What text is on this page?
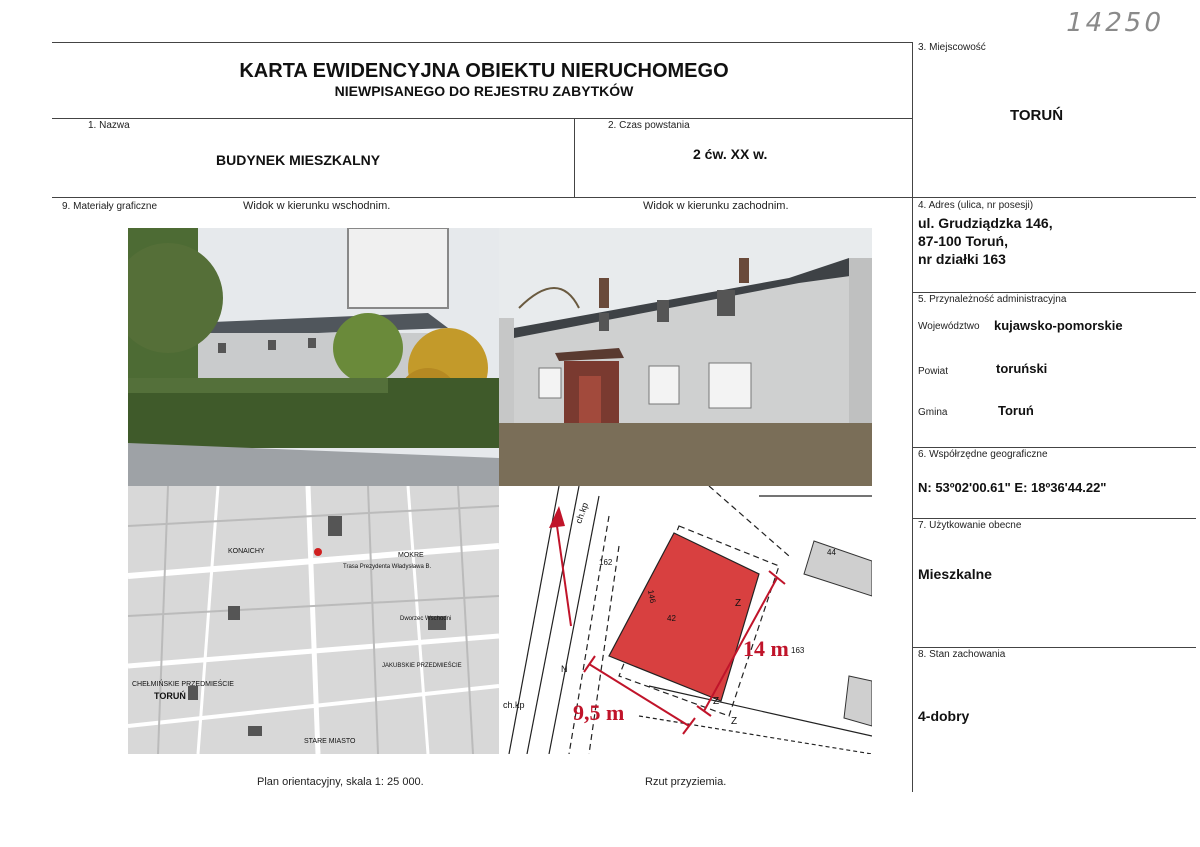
14250
KARTA EWIDENCYJNA OBIEKTU NIERUCHOMEGO
NIEWPISANEGO DO REJESTRU ZABYTKÓW
1. Nazwa
BUDYNEK MIESZKALNY
2. Czas powstania
2 ćw. XX w.
3. Miejscowość
TORUŃ
4. Adres (ulica, nr posesji)
ul. Grudziądzka 146,
87-100 Toruń,
nr działki 163
5. Przynależność administracyjna
Województwo kujawsko-pomorskie
Powiat	toruński
Gmina	Toruń
6. Współrzędne geograficzne
N: 53º02'00.61" E: 18º36'44.22"
7. Użytkowanie obecne
Mieszkalne
8. Stan zachowania
4-dobry
9. Materiały graficzne	Widok w kierunku wschodnim.	Widok w kierunku zachodnim.
KONAICHY
MOKRE
Trasa Prezydenta Władysława B.
Dworzec Wschodni
JAKUBSKIE PRZEDMIEŚCIE
CHEŁMIŃSKIE PRZEDMIEŚCIE
TORUŃ
STARE MIASTO
14 m
9,5 m
44
42
146
162
163
ch.kp
ch.kp
Z
Z
Z
N
Plan orientacyjny, skala 1: 25 000.	Rzut przyziemia.
